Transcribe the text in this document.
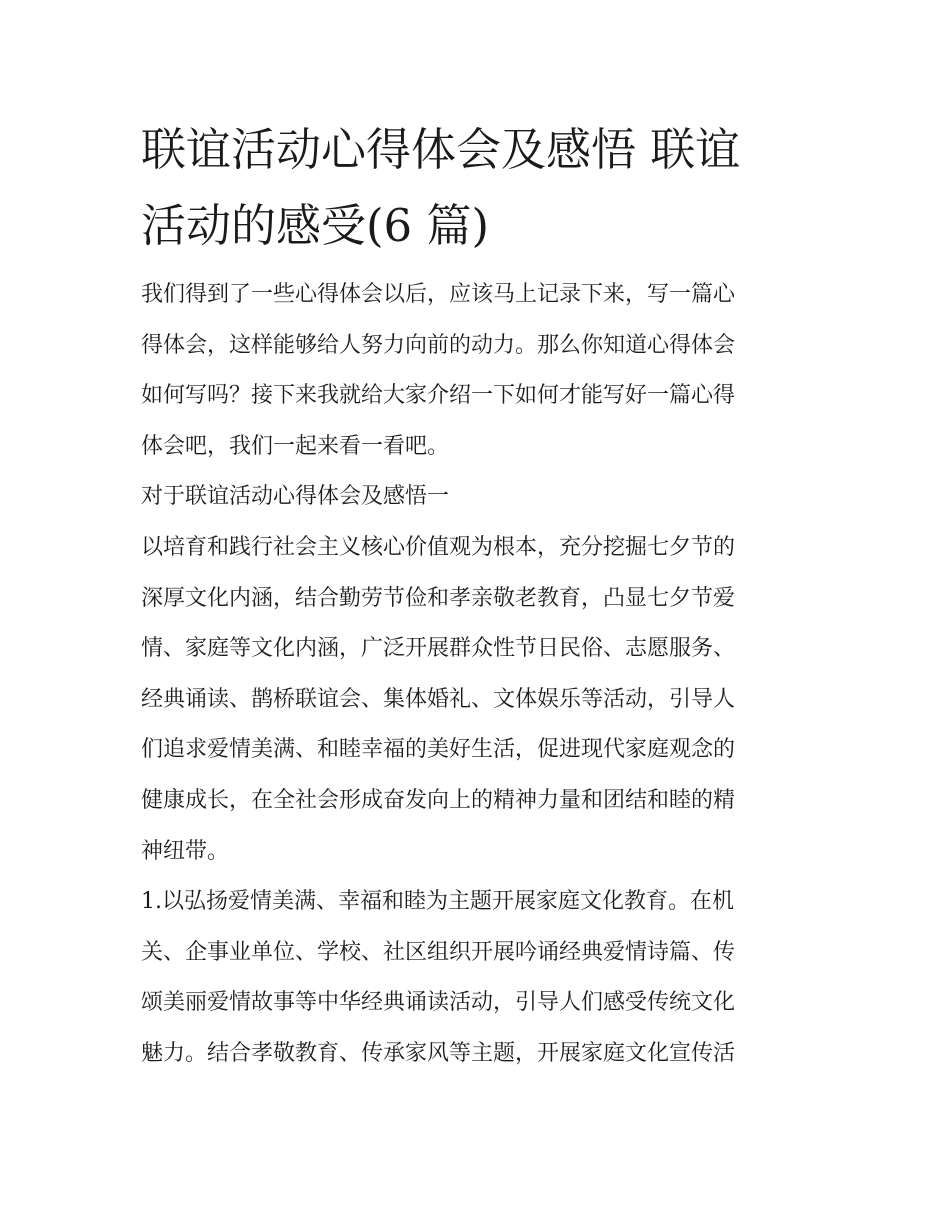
联谊活动心得体会及感悟 联谊
活动的感受(6 篇)

我们得到了一些心得体会以后，应该马上记录下来，写一篇心
得体会，这样能够给人努力向前的动力。那么你知道心得体会
如何写吗？接下来我就给大家介绍一下如何才能写好一篇心得
体会吧，我们一起来看一看吧。

对于联谊活动心得体会及感悟一

以培育和践行社会主义核心价值观为根本，充分挖掘七夕节的
深厚文化内涵，结合勤劳节俭和孝亲敬老教育，凸显七夕节爱
情、家庭等文化内涵，广泛开展群众性节日民俗、志愿服务、
经典诵读、鹊桥联谊会、集体婚礼、文体娱乐等活动，引导人
们追求爱情美满、和睦幸福的美好生活，促进现代家庭观念的
健康成长，在全社会形成奋发向上的精神力量和团结和睦的精
神纽带。

1.以弘扬爱情美满、幸福和睦为主题开展家庭文化教育。在机
关、企事业单位、学校、社区组织开展吟诵经典爱情诗篇、传
颂美丽爱情故事等中华经典诵读活动，引导人们感受传统文化
魅力。结合孝敬教育、传承家风等主题，开展家庭文化宣传活
